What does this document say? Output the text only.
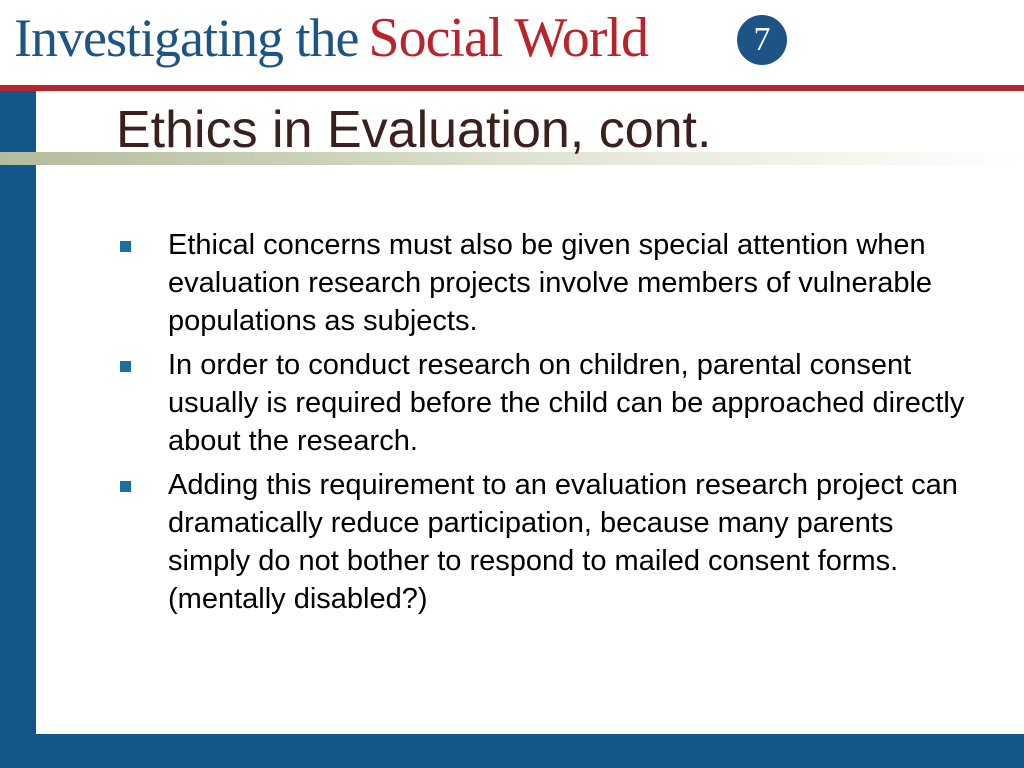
Investigating the Social World	7
Ethics in Evaluation, cont.
Ethical concerns must also be given special attention when evaluation research projects involve members of vulnerable populations as subjects.
In order to conduct research on children, parental consent usually is required before the child can be approached directly about the research.
Adding this requirement to an evaluation research project can dramatically reduce participation, because many parents simply do not bother to respond to mailed consent forms. (mentally disabled?)
